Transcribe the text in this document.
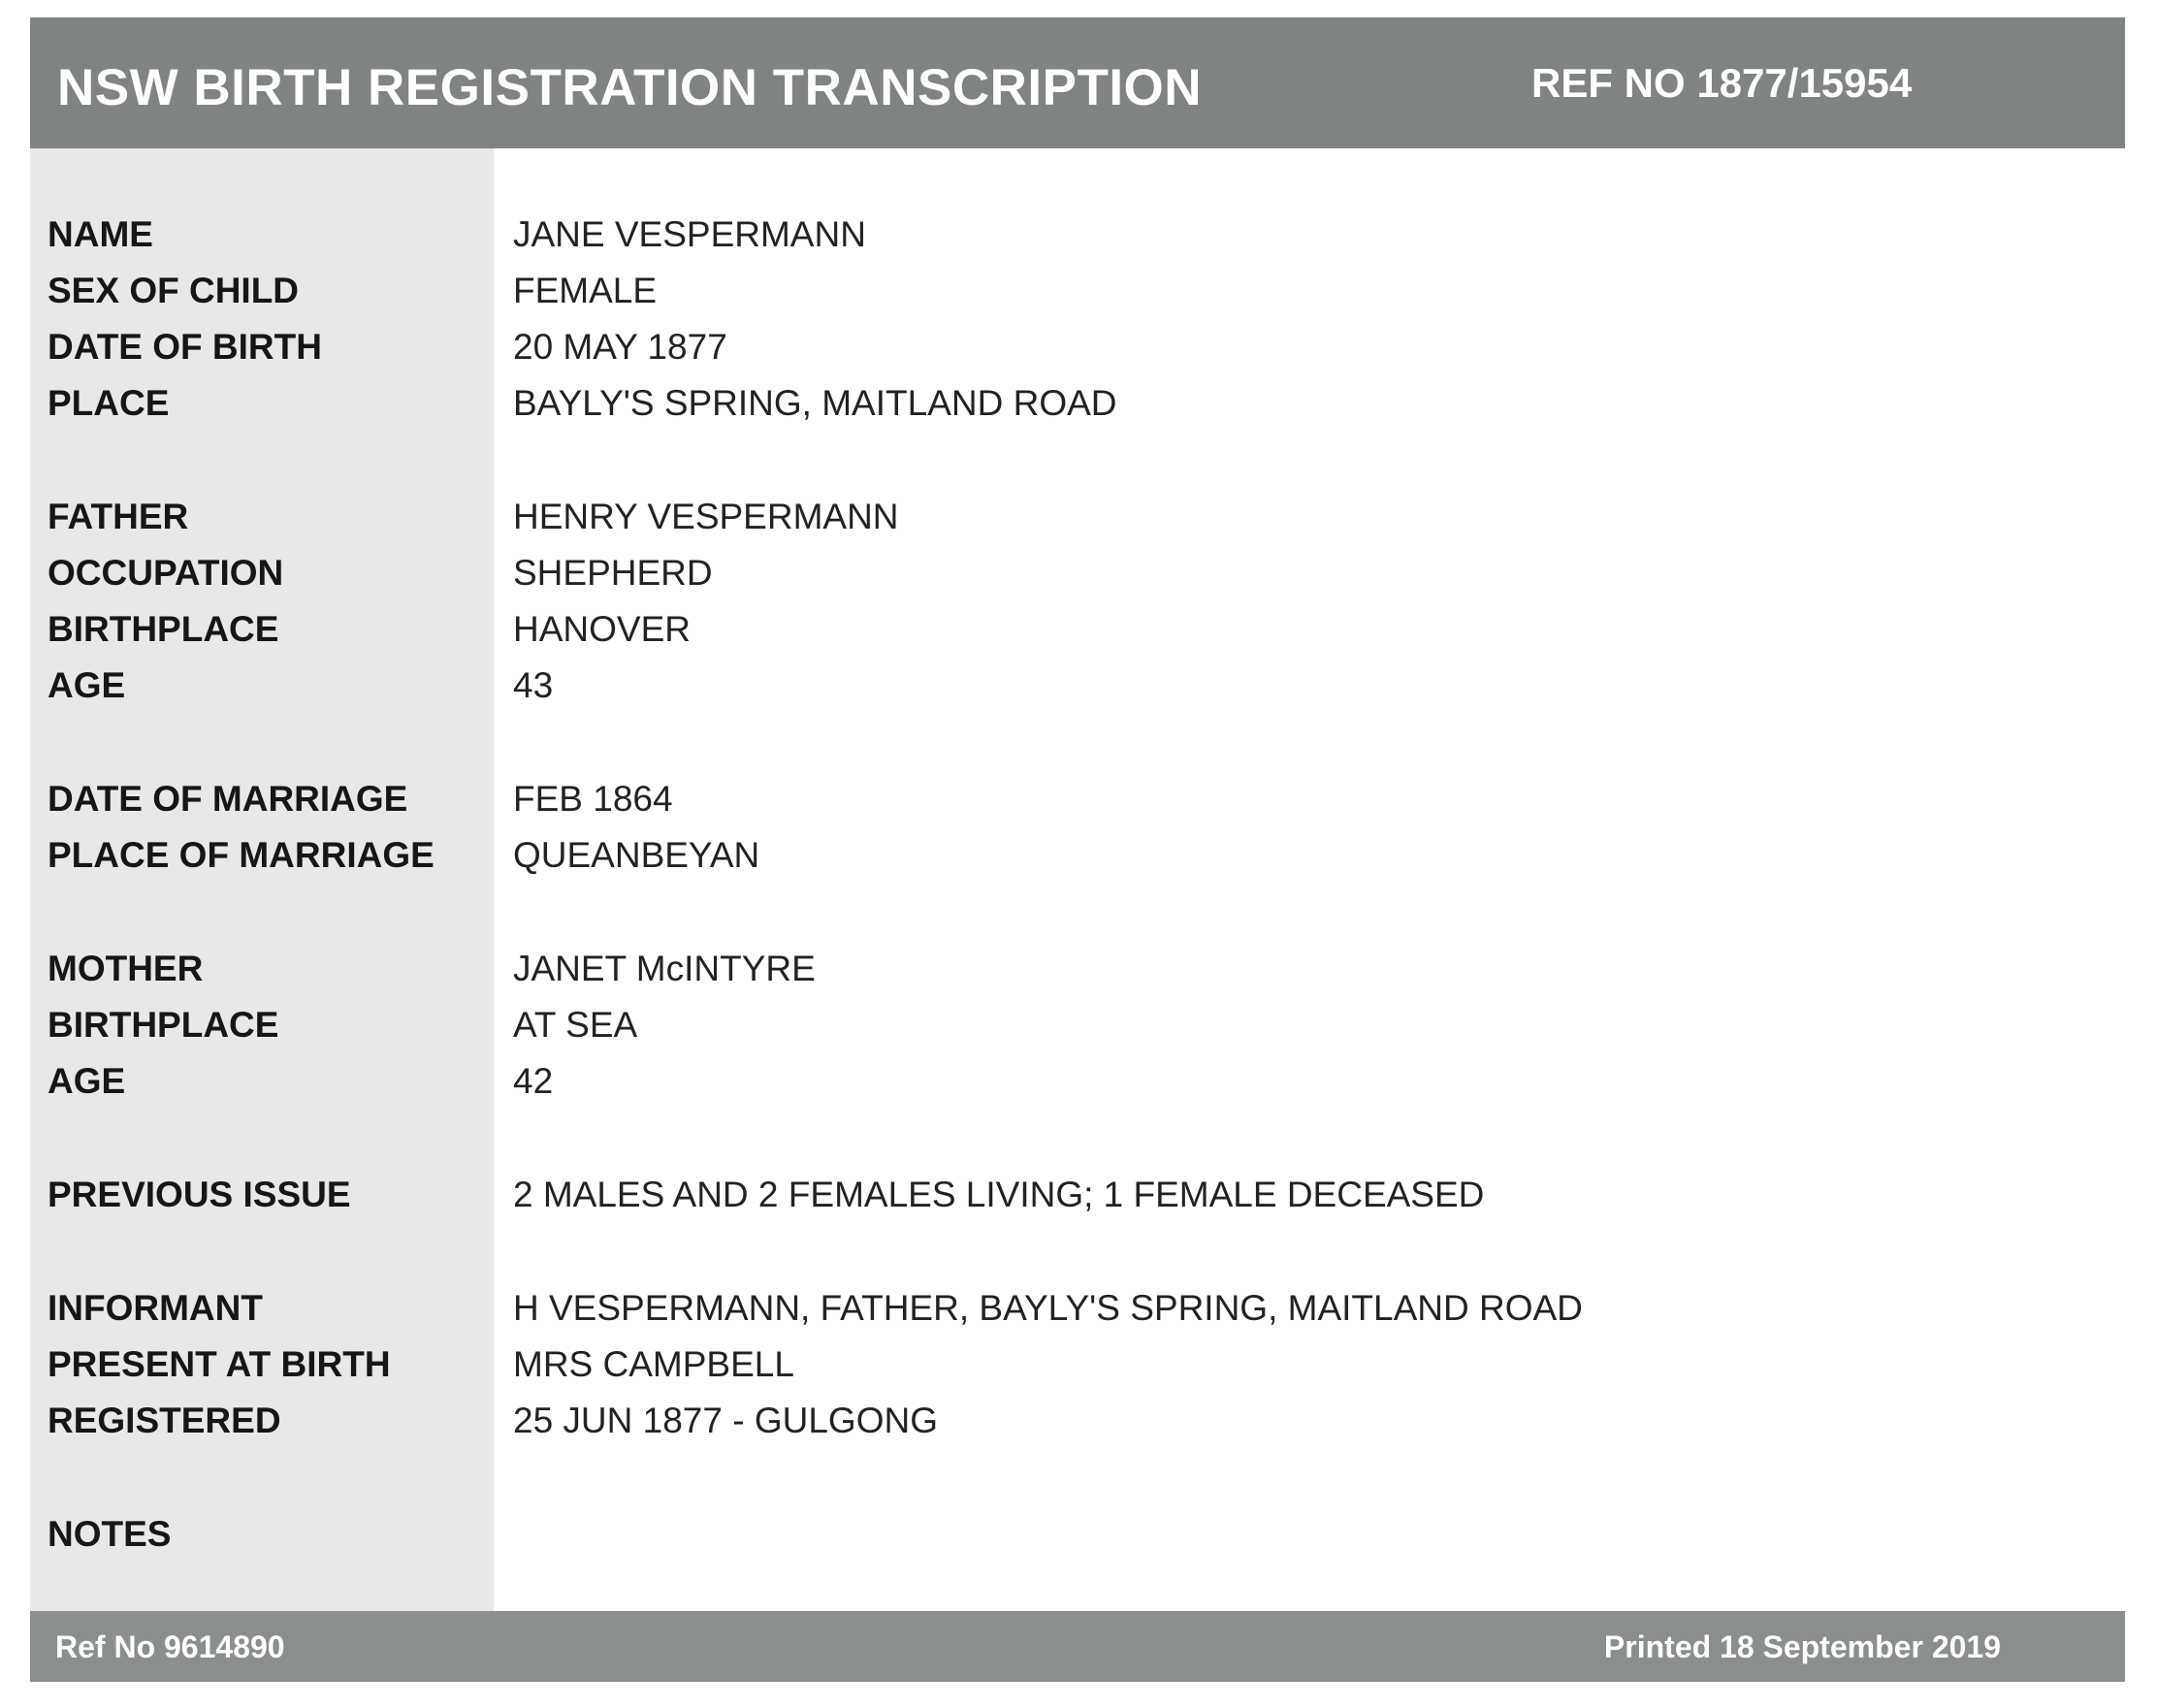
NSW BIRTH REGISTRATION TRANSCRIPTION	REF NO 1877/15954
NAME
SEX OF CHILD
DATE OF BIRTH
PLACE
FATHER
OCCUPATION
BIRTHPLACE
AGE
DATE OF MARRIAGE
PLACE OF MARRIAGE
MOTHER
BIRTHPLACE
AGE
PREVIOUS ISSUE
INFORMANT
PRESENT AT BIRTH
REGISTERED
NOTES
JANE VESPERMANN
FEMALE
20 MAY 1877
BAYLY'S SPRING, MAITLAND ROAD
HENRY VESPERMANN
SHEPHERD
HANOVER
43
FEB 1864
QUEANBEYAN
JANET McINTYRE
AT SEA
42
2 MALES AND 2 FEMALES LIVING; 1 FEMALE DECEASED
H VESPERMANN, FATHER, BAYLY'S SPRING, MAITLAND ROAD
MRS CAMPBELL
25 JUN 1877 - GULGONG
Ref No 9614890	Printed 18 September 2019
